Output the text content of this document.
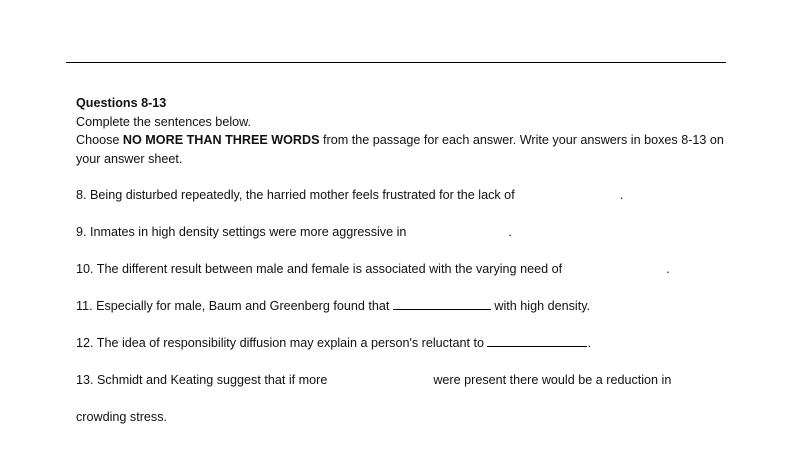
Questions 8-13

Complete the sentences below.

Choose NO MORE THAN THREE WORDS from the passage for each answer. Write your answers in boxes 8-13 on your answer sheet.

8. Being disturbed repeatedly, the harried mother feels frustrated for the lack of	.

9. Inmates in high density settings were more aggressive in	.

10. The different result between male and female is associated with the varying need of	.

11. Especially for male, Baum and Greenberg found that	with high density.

12. The idea of responsibility diffusion may explain a person's reluctant to	.

13. Schmidt and Keating suggest that if more	were present there would be a reduction in

crowding stress.
